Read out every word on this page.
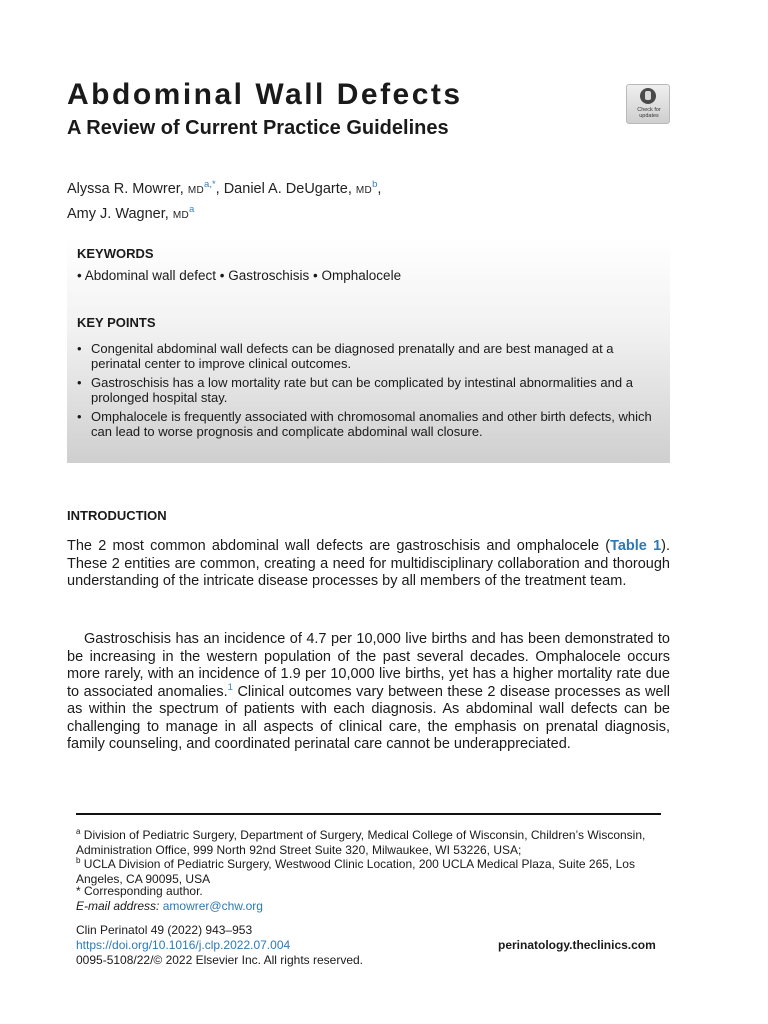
Abdominal Wall Defects
A Review of Current Practice Guidelines
Check for updates
Alyssa R. Mowrer, $MD^{a,*}$, Daniel A. DeUgarte, $MD^b$,
Amy J. Wagner, $MD^a$
KEYWORDS
• Abdominal wall defect • Gastroschisis • Omphalocele
KEY POINTS
• Congenital abdominal wall defects can be diagnosed prenatally and are best managed at a perinatal center to improve clinical outcomes.
• Gastroschisis has a low mortality rate but can be complicated by intestinal abnormalities and a prolonged hospital stay.
• Omphalocele is frequently associated with chromosomal anomalies and other birth defects, which can lead to worse prognosis and complicate abdominal wall closure.
INTRODUCTION

The 2 most common abdominal wall defects are gastroschisis and omphalocele (Table 1). These 2 entities are common, creating a need for multidisciplinary collaboration and thorough understanding of the intricate disease processes by all members of the treatment team.

Gastroschisis has an incidence of 4.7 per 10,000 live births and has been demonstrated to be increasing in the western population of the past several decades. Omphalocele occurs more rarely, with an incidence of 1.9 per 10,000 live births, yet has a higher mortality rate due to associated anomalies.$^1$ Clinical outcomes vary between these 2 disease processes as well as within the spectrum of patients with each diagnosis. As abdominal wall defects can be challenging to manage in all aspects of clinical care, the emphasis on prenatal diagnosis, family counseling, and coordinated perinatal care cannot be underappreciated.

$^a$ Division of Pediatric Surgery, Department of Surgery, Medical College of Wisconsin, Children’s Wisconsin, Administration Office, 999 North 92nd Street Suite 320, Milwaukee, WI 53226, USA;

$^b$ UCLA Division of Pediatric Surgery, Westwood Clinic Location, 200 UCLA Medical Plaza, Suite 265, Los Angeles, CA 90095, USA

* Corresponding author.

E-mail address: amowrer@chw.org

Clin Perinatol 49 (2022) 943–953
https://doi.org/10.1016/j.clp.2022.07.004
0095-5108/22/© 2022 Elsevier Inc. All rights reserved.
perinatology.theclinics.com
